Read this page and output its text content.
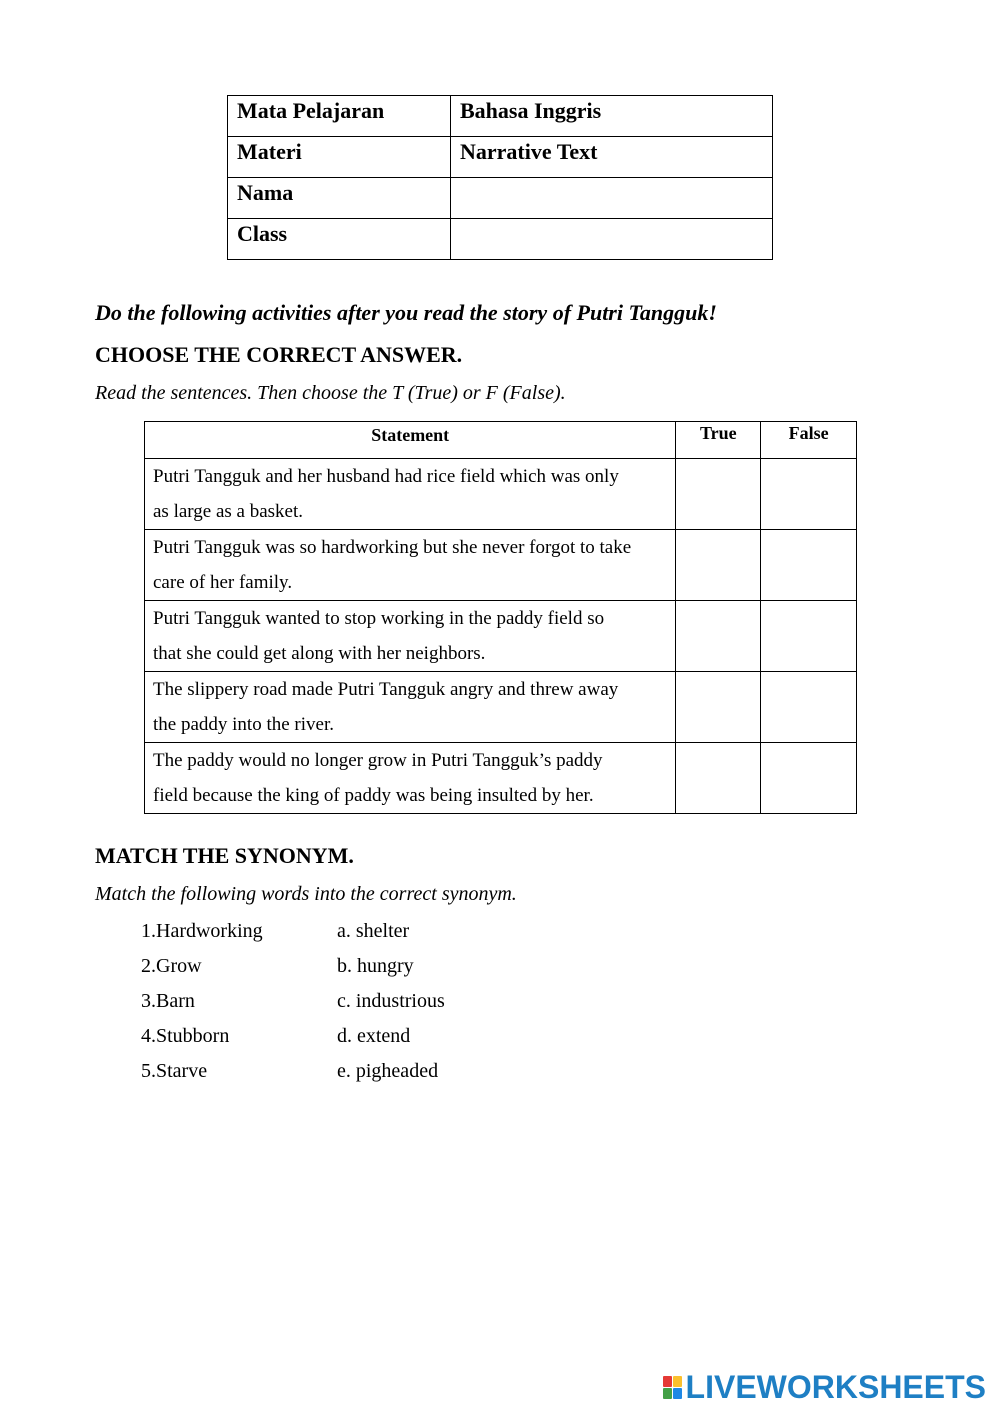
Mata Pelajaran	Bahasa Inggris
Materi	Narrative Text
Nama	
Class	
Do the following activities after you read the story of Putri Tangguk!
CHOOSE THE CORRECT ANSWER.
Read the sentences. Then choose the T (True) or F (False).
Statement	True	False

Putri Tangguk and her husband had rice field which was only
as large as a basket.		

Putri Tangguk was so hardworking but she never forgot to take
care of her family.		

Putri Tangguk wanted to stop working in the paddy field so
that she could get along with her neighbors.		

The slippery road made Putri Tangguk angry and threw away
the paddy into the river.		

The paddy would no longer grow in Putri Tangguk’s paddy
field because the king of paddy was being insulted by her.		

MATCH THE SYNONYM.
Match the following words into the correct synonym.
1. Hardworking	a. shelter
2. Grow	b. hungry
3. Barn	c. industrious
4. Stubborn	d. extend
5. Starve	e. pigheaded
LIVEWORKSHEETS
